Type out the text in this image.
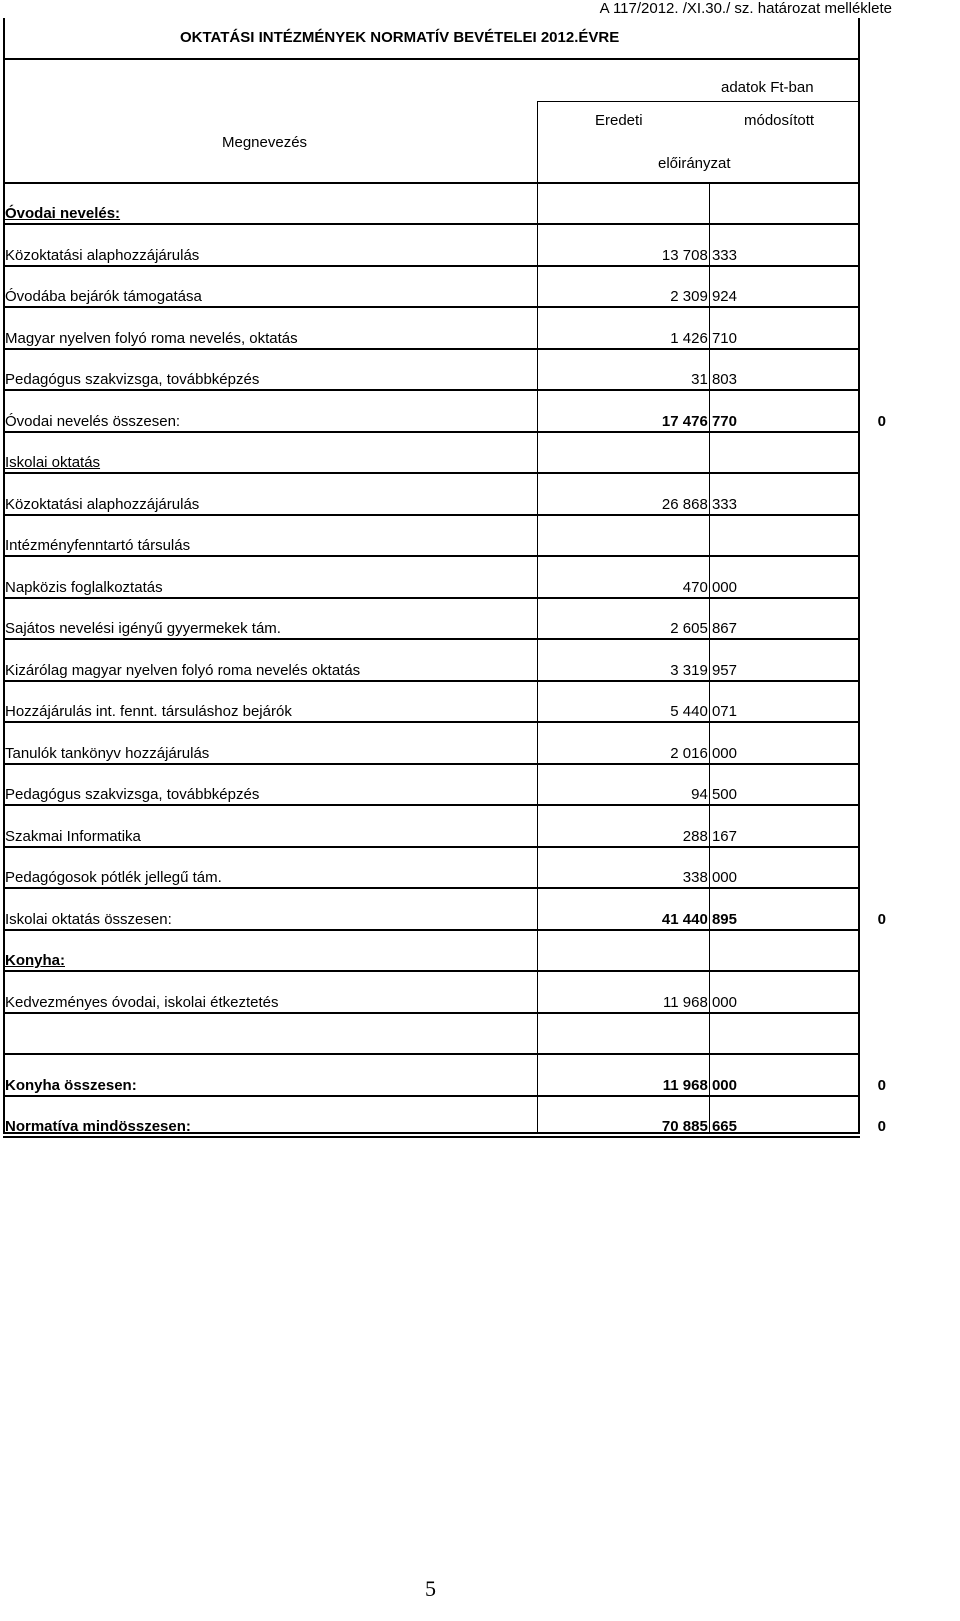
A 117/2012. /XI.30./ sz. határozat melléklete
OKTATÁSI INTÉZMÉNYEK NORMATÍV BEVÉTELEI 2012.ÉVRE
adatok Ft-ban
Megnevezés
Eredeti
előirányzat
módosított
Óvodai nevelés:
Közoktatási alaphozzájárulás	13 708 333
Óvodába bejárók támogatása	2 309 924
Magyar nyelven folyó roma nevelés, oktatás	1 426 710
Pedagógus szakvizsga, továbbképzés	31 803
Óvodai nevelés összesen:	17 476 770	0
Iskolai oktatás
Közoktatási alaphozzájárulás	26 868 333
Intézményfenntartó társulás
Napközis foglalkoztatás	470 000
Sajátos nevelési igényű gyyermekek tám.	2 605 867
Kizárólag magyar nyelven folyó roma nevelés oktatás	3 319 957
Hozzájárulás int. fennt. társuláshoz bejárók	5 440 071
Tanulók tankönyv hozzájárulás	2 016 000
Pedagógus szakvizsga, továbbképzés	94 500
Szakmai Informatika	288 167
Pedagógosok pótlék jellegű tám.	338 000
Iskolai oktatás összesen:	41 440 895	0
Konyha:
Kedvezményes óvodai, iskolai étkeztetés	11 968 000
Konyha összesen:	11 968 000	0
Normatíva mindösszesen:	70 885 665	0
5
